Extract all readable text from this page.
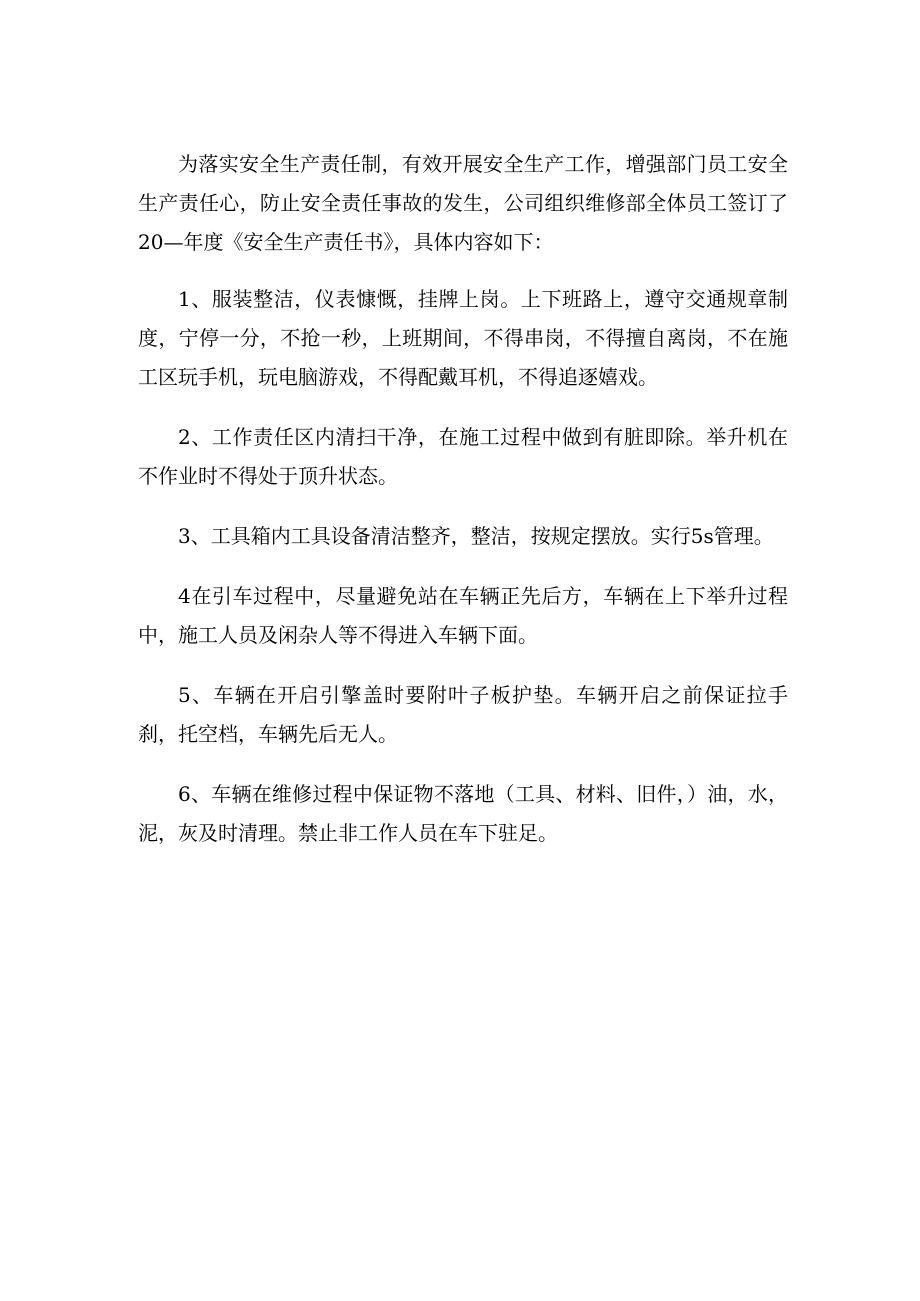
为落实安全生产责任制，有效开展安全生产工作，增强部门员工安全生产责任心，防止安全责任事故的发生，公司组织维修部全体员工签订了20—年度《安全生产责任书》，具体内容如下：

1、服装整洁，仪表慷慨，挂牌上岗。上下班路上，遵守交通规章制度，宁停一分，不抢一秒，上班期间，不得串岗，不得擅自离岗，不在施工区玩手机，玩电脑游戏，不得配戴耳机，不得追逐嬉戏。

2、工作责任区内清扫干净，在施工过程中做到有脏即除。举升机在不作业时不得处于顶升状态。

3、工具箱内工具设备清洁整齐，整洁，按规定摆放。实行5s管理。

4在引车过程中，尽量避免站在车辆正先后方，车辆在上下举升过程中，施工人员及闲杂人等不得进入车辆下面。

5、车辆在开启引擎盖时要附叶子板护垫。车辆开启之前保证拉手刹，托空档，车辆先后无人。

6、车辆在维修过程中保证物不落地（工具、材料、旧件，）油，水，泥，灰及时清理。禁止非工作人员在车下驻足。
